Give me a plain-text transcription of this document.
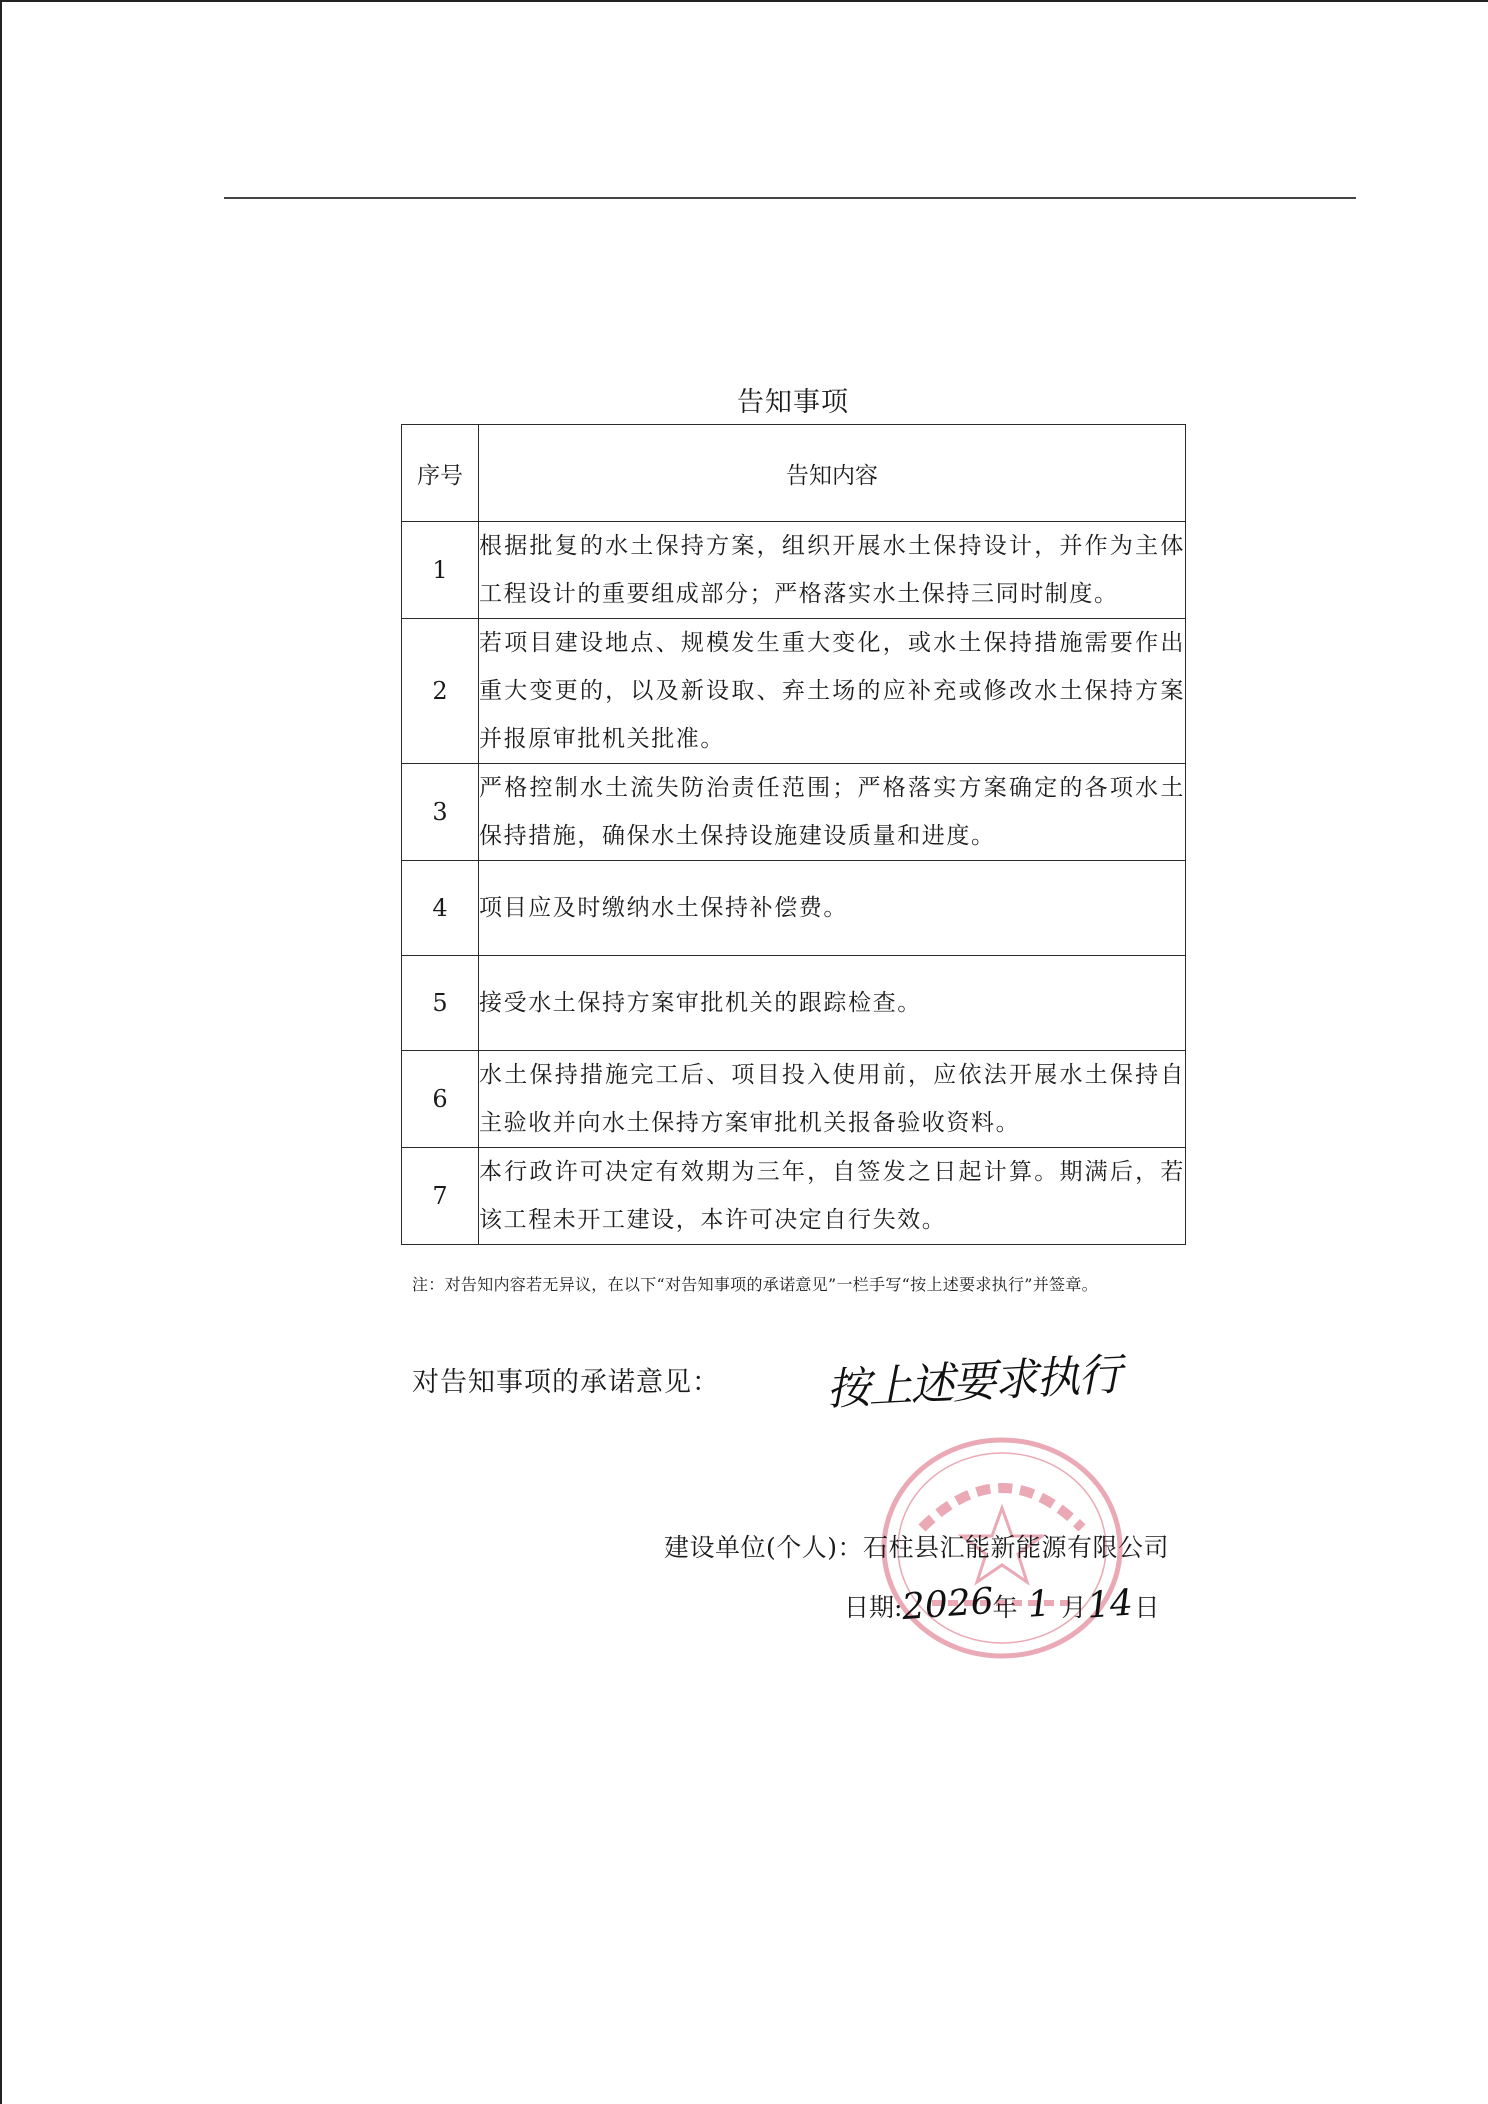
告知事项
序号	告知内容
1	根据批复的水土保持方案，组织开展水土保持设计，并作为主体工程设计的重要组成部分；严格落实水土保持三同时制度。
2	若项目建设地点、规模发生重大变化，或水土保持措施需要作出重大变更的，以及新设取、弃土场的应补充或修改水土保持方案并报原审批机关批准。
3	严格控制水土流失防治责任范围；严格落实方案确定的各项水土保持措施，确保水土保持设施建设质量和进度。
4	项目应及时缴纳水土保持补偿费。
5	接受水土保持方案审批机关的跟踪检查。
6	水土保持措施完工后、项目投入使用前，应依法开展水土保持自主验收并向水土保持方案审批机关报备验收资料。
7	本行政许可决定有效期为三年，自签发之日起计算。期满后，若该工程未开工建设，本许可决定自行失效。
注：对告知内容若无异议，在以下“对告知事项的承诺意见”一栏手写“按上述要求执行”并签章。
对告知事项的承诺意见： 按上述要求执行
建设单位(个人)：石柱县汇能新能源有限公司
日期:2026年 1 月14日
